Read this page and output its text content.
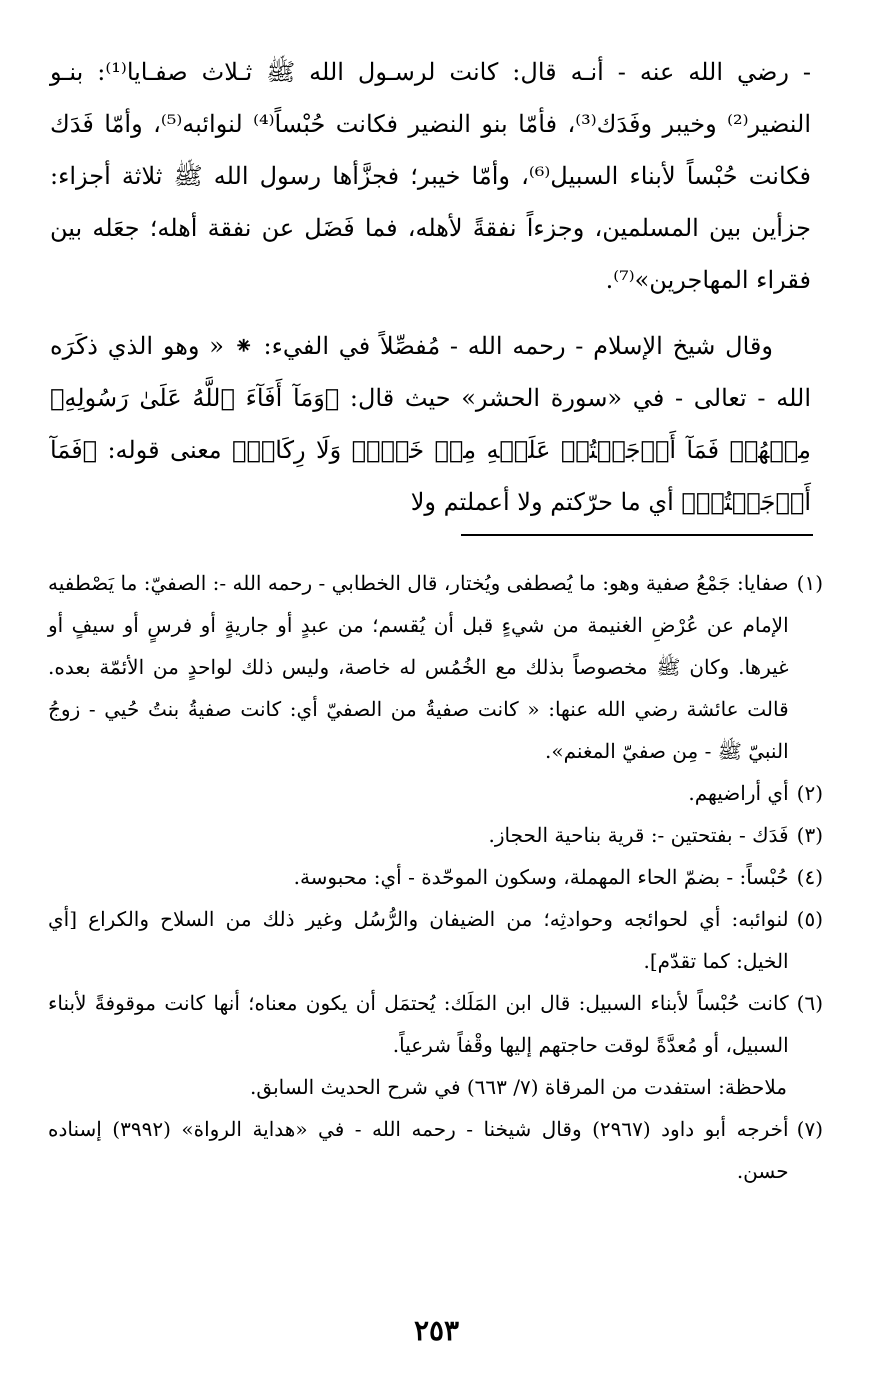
- رضي الله عنه - أنـه قال: كانت لرسـول الله ﷺ ثـلاث صفـايا⁽¹⁾: بنـو النضير⁽²⁾ وخيبر وفَدَك⁽³⁾، فأمّا بنو النضير فكانت حُبْساً⁽⁴⁾ لنوائبه⁽⁵⁾، وأمّا فَدَك فكانت حُبْساً لأبناء السبيل⁽⁶⁾، وأمّا خيبر؛ فجزَّأها رسول الله ﷺ ثلاثة أجزاء: جزأين بين المسلمين، وجزءاً نفقةً لأهله، فما فَضَل عن نفقة أهله؛ جعَله بين فقراء المهاجرين»⁽⁷⁾.

وقال شيخ الإسلام - رحمه الله - مُفصِّلاً في الفيء: ⁕ « وهو الذي ذكَرَه الله - تعالى - في «سورة الحشر» حيث قال: ﴿وَمَآ أَفَآءَ ٱللَّهُ عَلَىٰ رَسُولِهِۦ مِنۡهُمۡ فَمَآ أَوۡجَفۡتُمۡ عَلَيۡهِ مِنۡ خَيۡلٖ وَلَا رِكَابٖ﴾ معنى قوله: ﴿فَمَآ أَوۡجَفۡتُمۡ﴾ أي ما حرّكتم ولا أعملتم ولا

(١)
صفايا: جَمْعُ صفية وهو: ما يُصطفى ويُختار، قال الخطابي - رحمه الله -: الصفيّ: ما يَصْطفيه الإمام عن عُرْضِ الغنيمة من شيءٍ قبل أن يُقسم؛ من عبدٍ أو جاريةٍ أو فرسٍ أو سيفٍ أو غيرها. وكان ﷺ مخصوصاً بذلك مع الخُمُس له خاصة، وليس ذلك لواحدٍ من الأئمّة بعده. قالت عائشة رضي الله عنها: « كانت صفيةُ من الصفيّ أي: كانت صفيةُ بنتُ حُيي - زوجُ النبيّ ﷺ - مِن صفيّ المغنم».
(٢)
أي أراضيهم.
(٣)
فَدَك - بفتحتين -: قرية بناحية الحجاز.
(٤)
حُبْساً: - بضمّ الحاء المهملة، وسكون الموحّدة - أي: محبوسة.
(٥)
لنوائبه: أي لحوائجه وحوادثِه؛ من الضيفان والرُّسُل وغير ذلك من السلاح والكراع [أي الخيل: كما تقدّم].
(٦)
كانت حُبْساً لأبناء السبيل: قال ابن المَلَك: يُحتمَل أن يكون معناه؛ أنها كانت موقوفةً لأبناء السبيل، أو مُعدَّةً لوقت حاجتهم إليها وقْفاً شرعياً.
ملاحظة: استفدت من المرقاة (٧/ ٦٦٣) في شرح الحديث السابق.
(٧)
أخرجه أبو داود (٢٩٦٧) وقال شيخنا - رحمه الله - في «هداية الرواة» (٣٩٩٢) إسناده حسن.
٢٥٣
